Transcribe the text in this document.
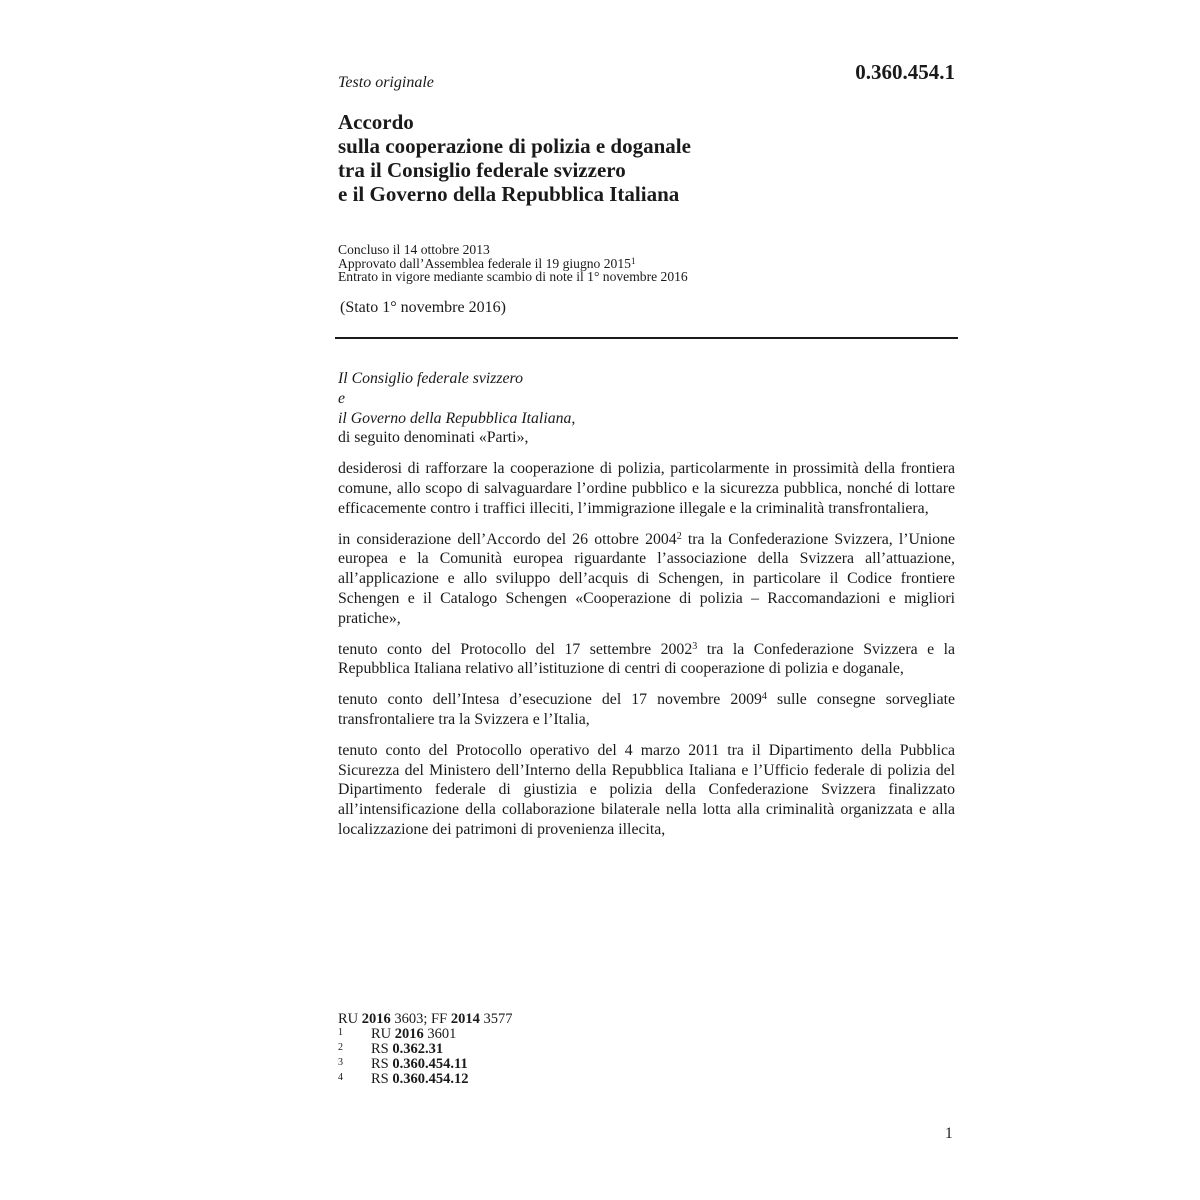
0.360.454.1
Testo originale
Accordo
sulla cooperazione di polizia e doganale
tra il Consiglio federale svizzero
e il Governo della Repubblica Italiana
Concluso il 14 ottobre 2013
Approvato dall’Assemblea federale il 19 giugno 2015$^1$
Entrato in vigore mediante scambio di note il 1° novembre 2016
(Stato 1° novembre 2016)
Il Consiglio federale svizzero
e
il Governo della Repubblica Italiana,
di seguito denominati «Parti»,
desiderosi di rafforzare la cooperazione di polizia, particolarmente in prossimità della frontiera comune, allo scopo di salvaguardare l’ordine pubblico e la sicurezza pubblica, nonché di lottare efficacemente contro i traffici illeciti, l’immigrazione illegale e la criminalità transfrontaliera,
in considerazione dell’Accordo del 26 ottobre 2004$^2$ tra la Confederazione Svizzera, l’Unione europea e la Comunità europea riguardante l’associazione della Svizzera all’attuazione, all’applicazione e allo sviluppo dell’acquis di Schengen, in particolare il Codice frontiere Schengen e il Catalogo Schengen «Cooperazione di polizia – Raccomandazioni e migliori pratiche»,
tenuto conto del Protocollo del 17 settembre 2002$^3$ tra la Confederazione Svizzera e la Repubblica Italiana relativo all’istituzione di centri di cooperazione di polizia e doganale,
tenuto conto dell’Intesa d’esecuzione del 17 novembre 2009$^4$ sulle consegne sorvegliate transfrontaliere tra la Svizzera e l’Italia,
tenuto conto del Protocollo operativo del 4 marzo 2011 tra il Dipartimento della Pubblica Sicurezza del Ministero dell’Interno della Repubblica Italiana e l’Ufficio federale di polizia del Dipartimento federale di giustizia e polizia della Confederazione Svizzera finalizzato all’intensificazione della collaborazione bilaterale nella lotta alla criminalità organizzata e alla localizzazione dei patrimoni di provenienza illecita,
RU 2016 3603; FF 2014 3577
1	RU 2016 3601
2	RS 0.362.31
3	RS 0.360.454.11
4	RS 0.360.454.12
1
